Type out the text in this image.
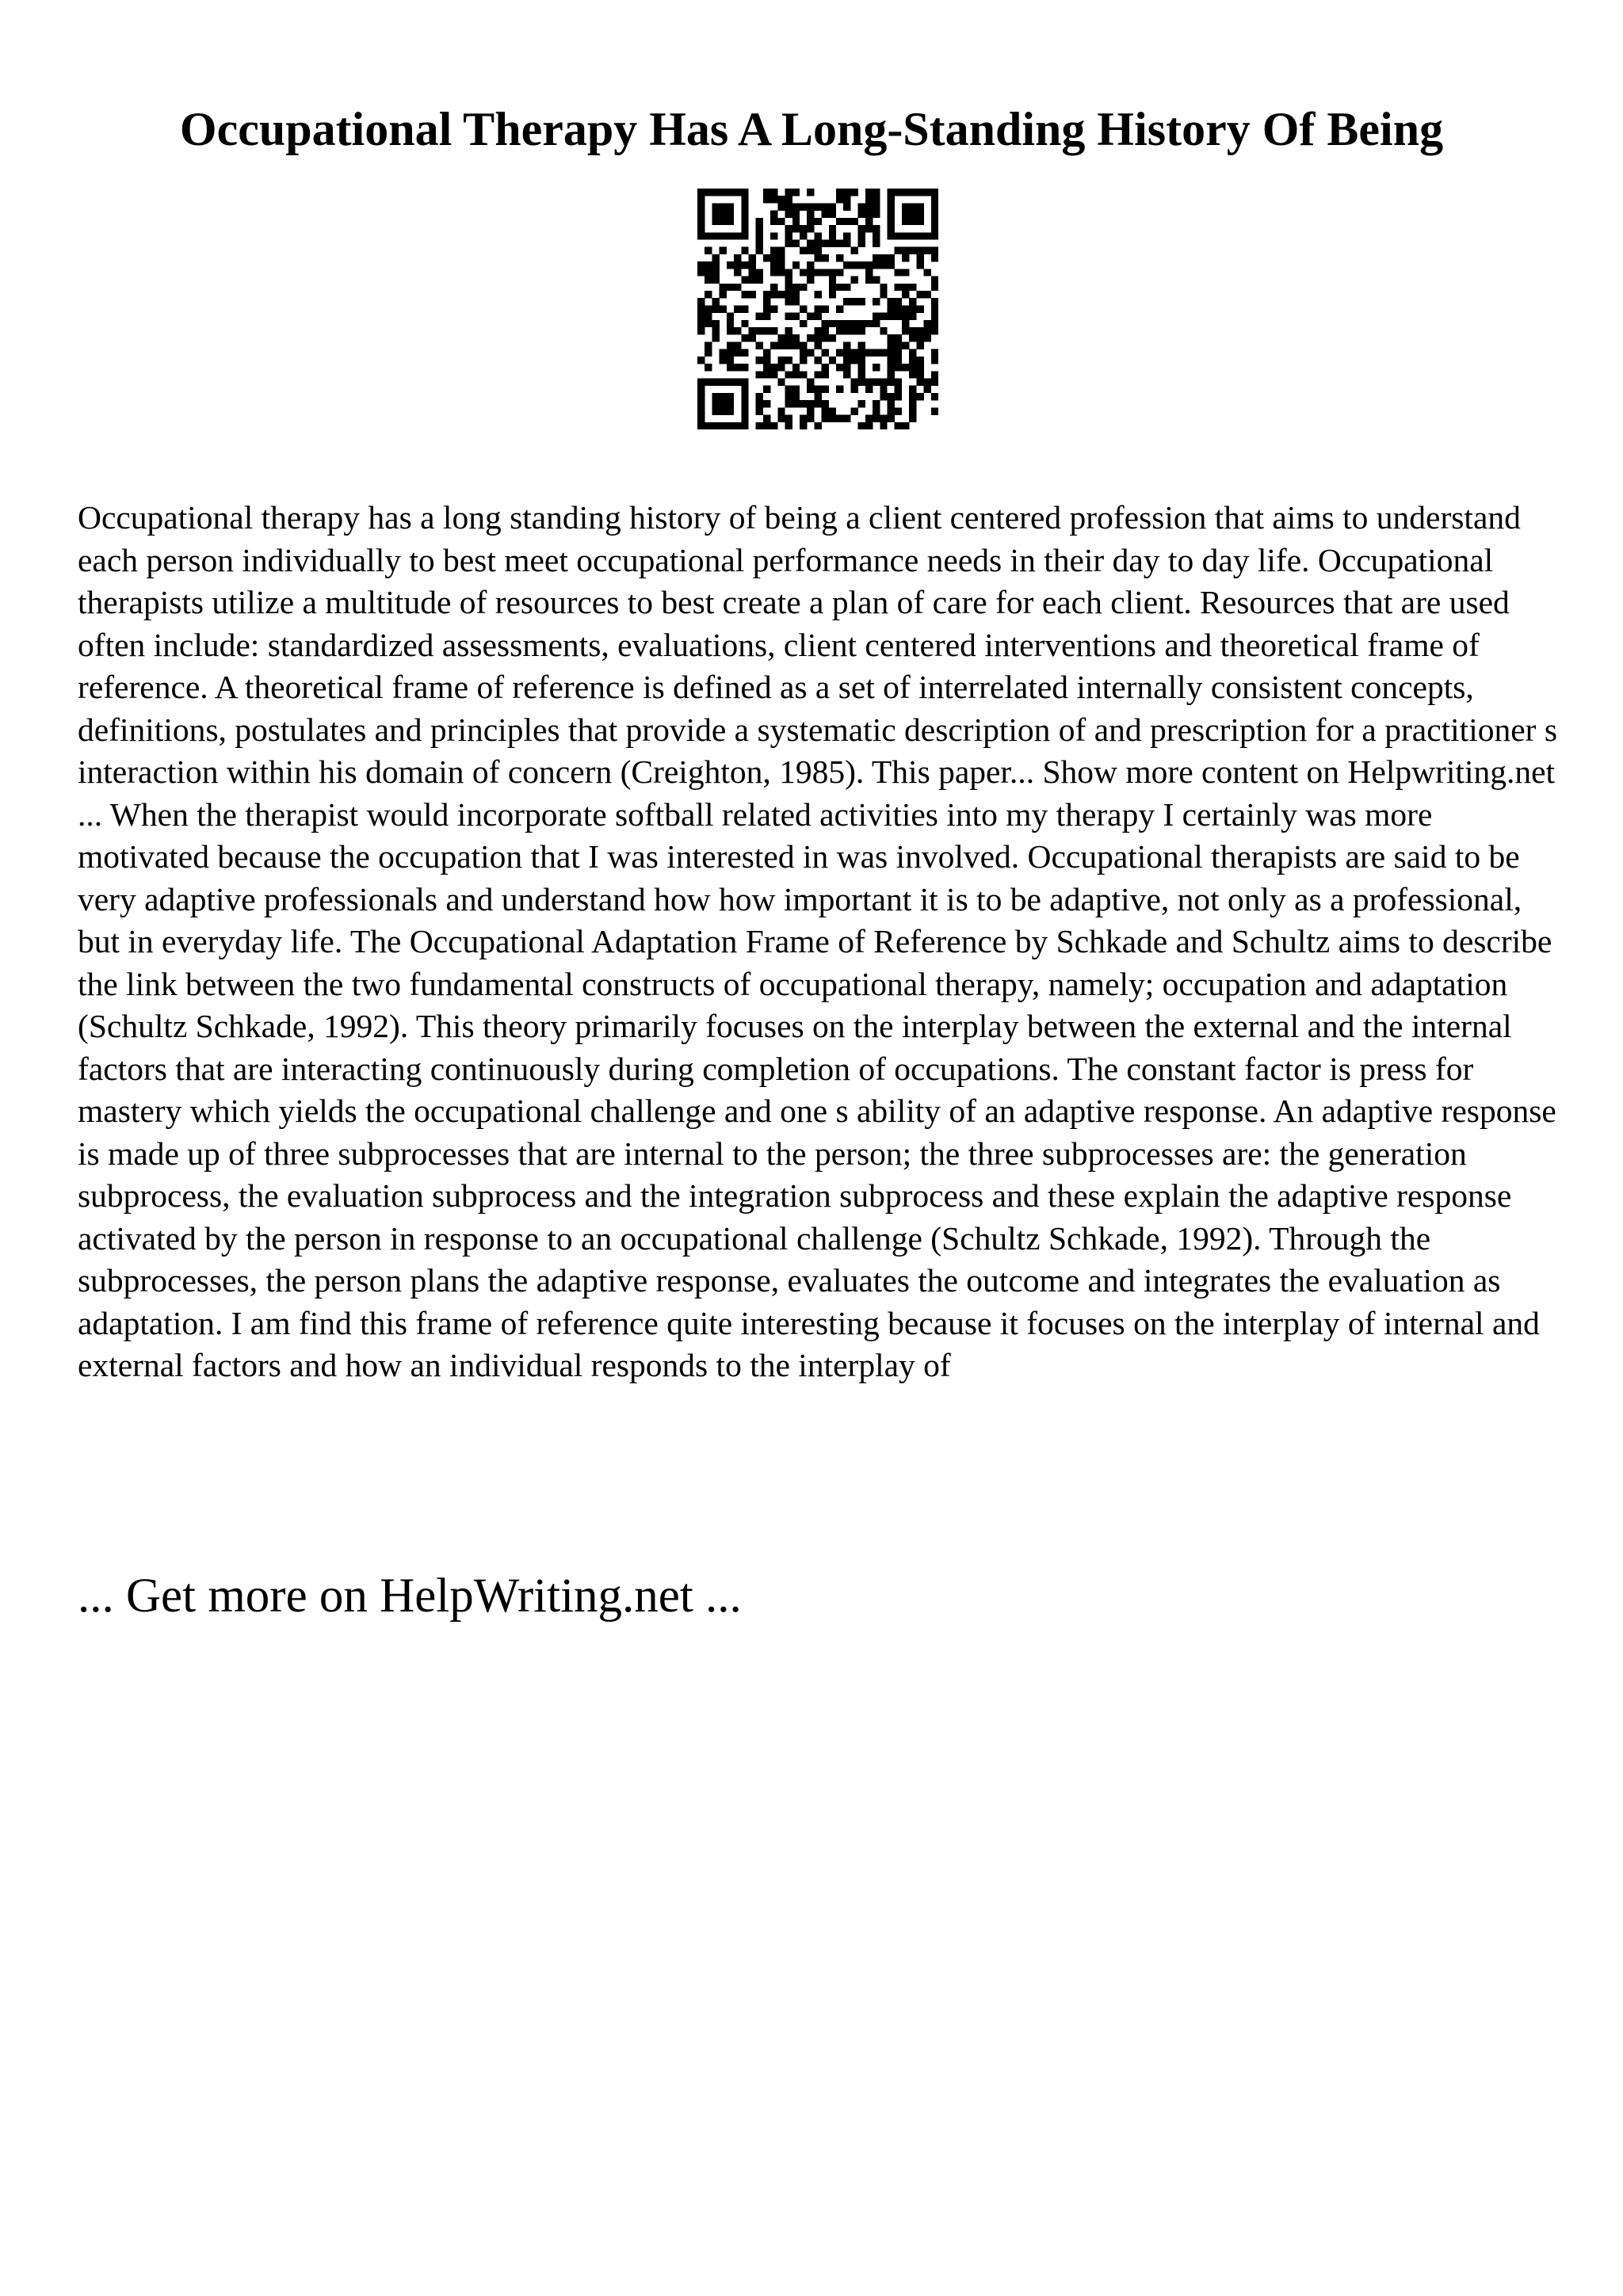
Occupational Therapy Has A Long-Standing History Of Being

Occupational therapy has a long standing history of being a client centered profession that aims to understand each person individually to best meet occupational performance needs in their day to day life. Occupational therapists utilize a multitude of resources to best create a plan of care for each client. Resources that are used often include: standardized assessments, evaluations, client centered interventions and theoretical frame of reference. A theoretical frame of reference is defined as a set of interrelated internally consistent concepts, definitions, postulates and principles that provide a systematic description of and prescription for a practitioner s interaction within his domain of concern (Creighton, 1985). This paper... Show more content on Helpwriting.net ... When the therapist would incorporate softball related activities into my therapy I certainly was more motivated because the occupation that I was interested in was involved. Occupational therapists are said to be very adaptive professionals and understand how how important it is to be adaptive, not only as a professional, but in everyday life. The Occupational Adaptation Frame of Reference by Schkade and Schultz aims to describe the link between the two fundamental constructs of occupational therapy, namely; occupation and adaptation (Schultz Schkade, 1992). This theory primarily focuses on the interplay between the external and the internal factors that are interacting continuously during completion of occupations. The constant factor is press for mastery which yields the occupational challenge and one s ability of an adaptive response. An adaptive response is made up of three subprocesses that are internal to the person; the three subprocesses are: the generation subprocess, the evaluation subprocess and the integration subprocess and these explain the adaptive response activated by the person in response to an occupational challenge (Schultz Schkade, 1992). Through the subprocesses, the person plans the adaptive response, evaluates the outcome and integrates the evaluation as adaptation. I am find this frame of reference quite interesting because it focuses on the interplay of internal and external factors and how an individual responds to the interplay of

... Get more on HelpWriting.net ...
